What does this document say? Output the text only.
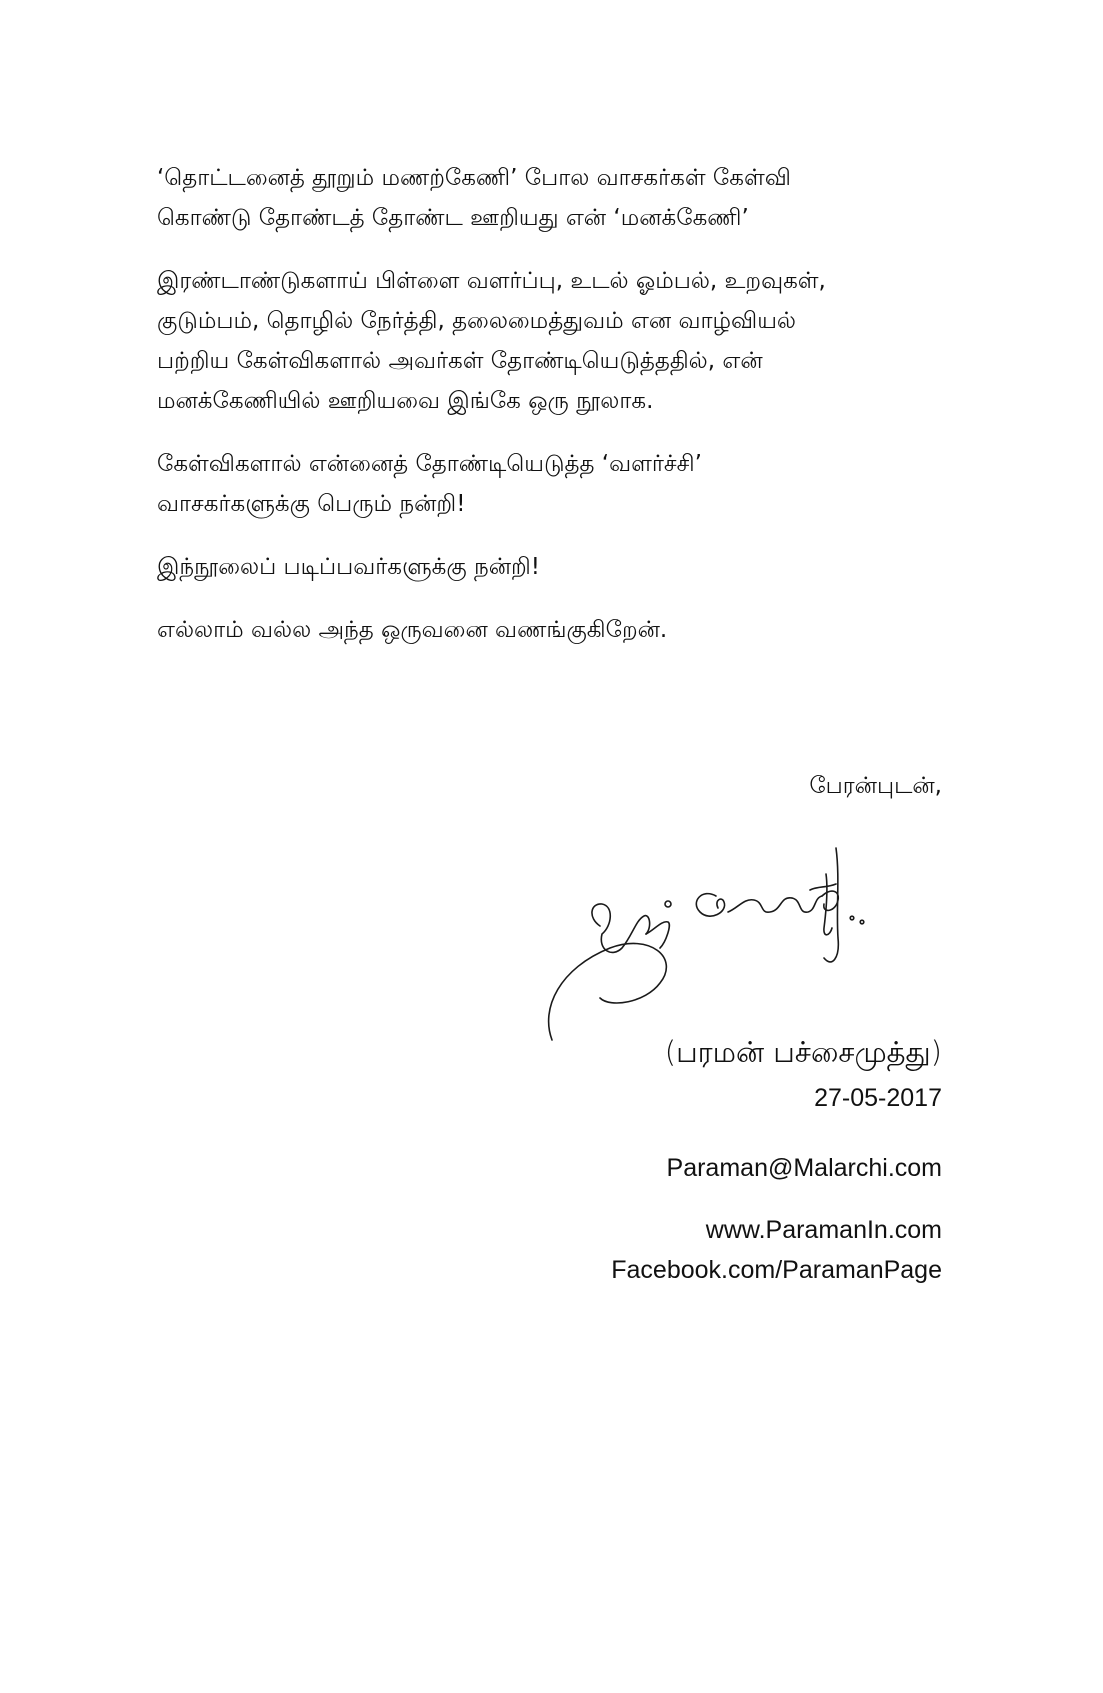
‘தொட்டனைத் தூறும் மணற்கேணி’ போல வாசகர்கள் கேள்வி
கொண்டு தோண்டத் தோண்ட ஊறியது என் ‘மனக்கேணி’

இரண்டாண்டுகளாய் பிள்ளை வளர்ப்பு, உடல் ஓம்பல், உறவுகள்,
குடும்பம், தொழில் நேர்த்தி, தலைமைத்துவம் என வாழ்வியல்
பற்றிய கேள்விகளால் அவர்கள் தோண்டியெடுத்ததில், என்
மனக்கேணியில் ஊறியவை இங்கே ஒரு நூலாக.

கேள்விகளால் என்னைத் தோண்டியெடுத்த ‘வளர்ச்சி’
வாசகர்களுக்கு பெரும் நன்றி!

இந்நூலைப் படிப்பவர்களுக்கு நன்றி!

எல்லாம் வல்ல அந்த ஒருவனை வணங்குகிறேன்.

பேரன்புடன்,
(பரமன் பச்சைமுத்து)
27-05-2017
Paraman@Malarchi.com
www.ParamanIn.com
Facebook.com/ParamanPage
